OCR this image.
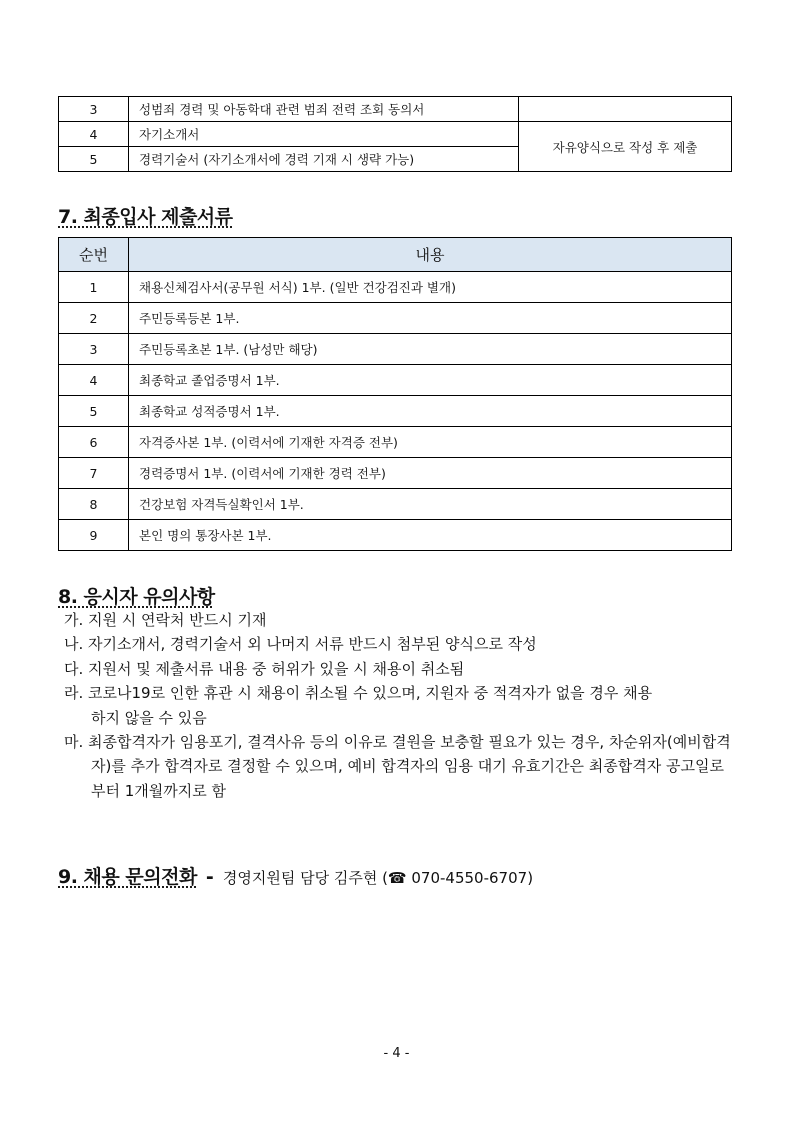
3	성범죄 경력 및 아동학대 관련 범죄 전력 조회 동의서	
4	자기소개서	자유양식으로 작성 후 제출
5	경력기술서 (자기소개서에 경력 기재 시 생략 가능)	
7. 최종입사 제출서류
순번	내용
1	채용신체검사서(공무원 서식) 1부. (일반 건강검진과 별개)
2	주민등록등본 1부.
3	주민등록초본 1부. (남성만 해당)
4	최종학교 졸업증명서 1부.
5	최종학교 성적증명서 1부.
6	자격증사본 1부. (이력서에 기재한 자격증 전부)
7	경력증명서 1부. (이력서에 기재한 경력 전부)
8	건강보험 자격득실확인서 1부.
9	본인 명의 통장사본 1부.
8. 응시자 유의사항
가. 지원 시 연락처 반드시 기재
나. 자기소개서, 경력기술서 외 나머지 서류 반드시 첨부된 양식으로 작성
다. 지원서 및 제출서류 내용 중 허위가 있을 시 채용이 취소됨
라. 코로나19로 인한 휴관 시 채용이 취소될 수 있으며, 지원자 중 적격자가 없을 경우 채용하지 않을 수 있음
마. 최종합격자가 임용포기, 결격사유 등의 이유로 결원을 보충할 필요가 있는 경우, 차순위자(예비합격자)를 추가 합격자로 결정할 수 있으며, 예비 합격자의 임용 대기 유효기간은 최종합격자 공고일로부터 1개월까지로 함

9. 채용 문의전화 - 경영지원팀 담당 김주현 (☎ 070-4550-6707)

- 4 -
